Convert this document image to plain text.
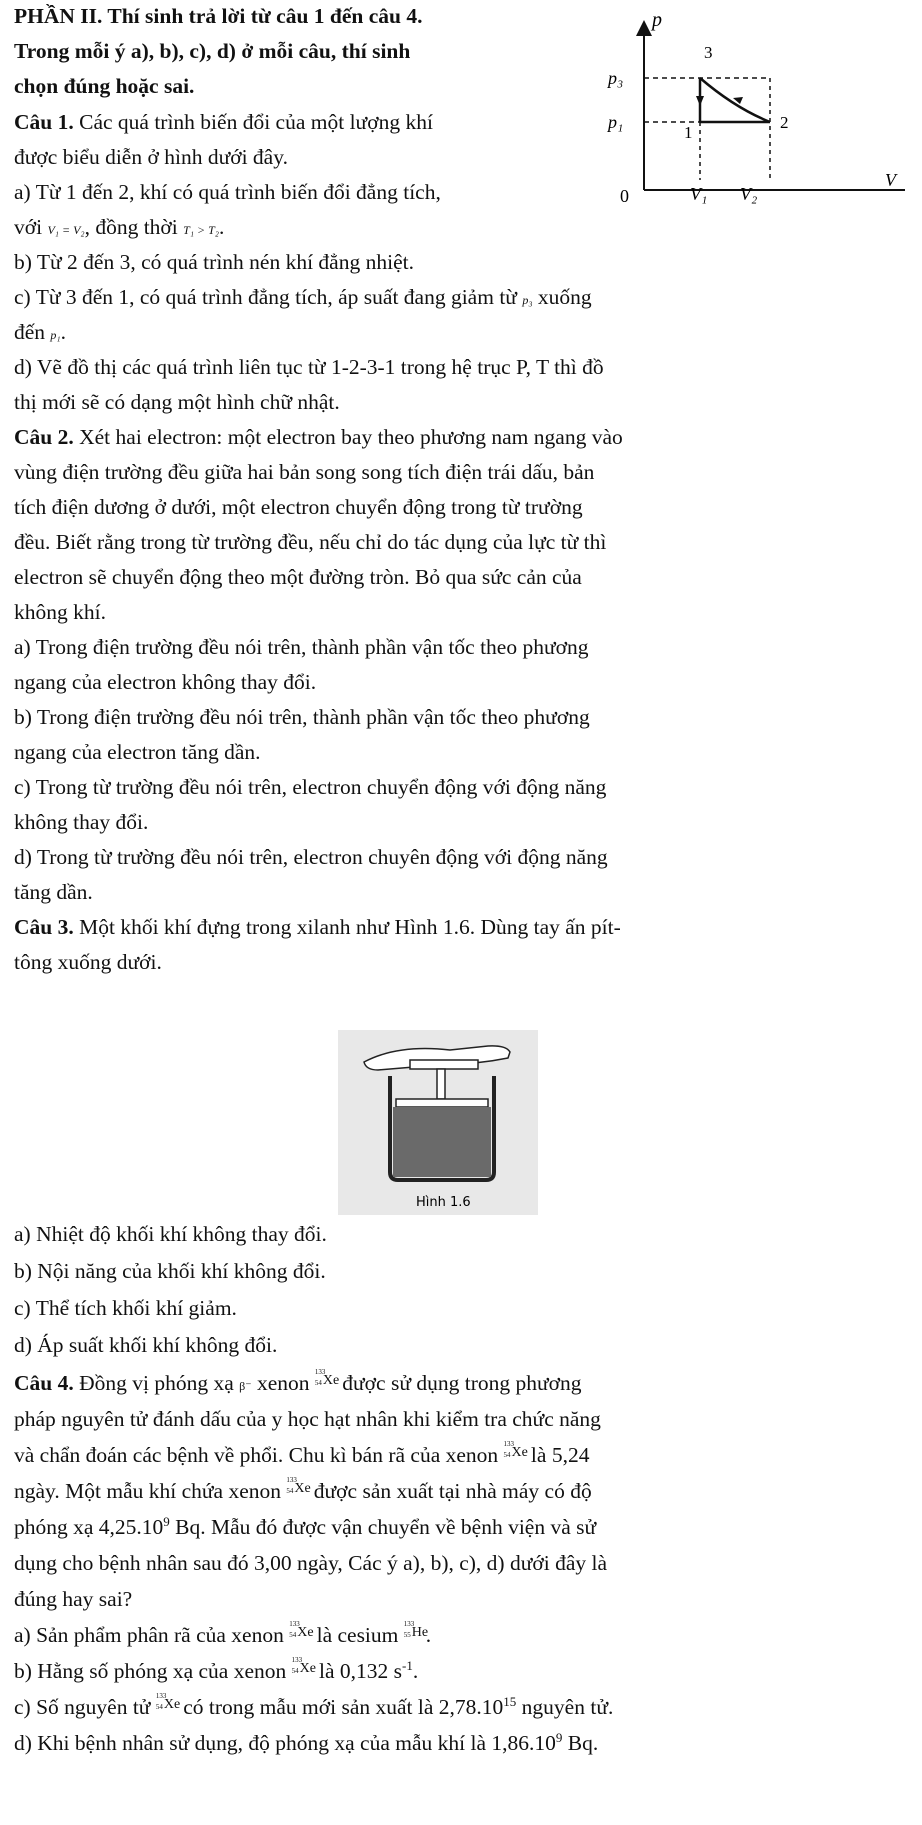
PHẦN II. Thí sinh trả lời từ câu 1 đến câu 4.
Trong mỗi ý a), b), c), d) ở mỗi câu, thí sinh
chọn đúng hoặc sai.
Câu 1. Các quá trình biến đổi của một lượng khí
được biểu diễn ở hình dưới đây.
a) Từ 1 đến 2, khí có quá trình biến đổi đẳng tích,
với V₁ = V₂, đồng thời T₁ > T₂.
b) Từ 2 đến 3, có quá trình nén khí đẳng nhiệt.
c) Từ 3 đến 1, có quá trình đẳng tích, áp suất đang giảm từ p₃ xuống
đến p₁.
d) Vẽ đồ thị các quá trình liên tục từ 1-2-3-1 trong hệ trục P, T thì đồ
thị mới sẽ có dạng một hình chữ nhật.
p
V
0
p₃
p₁
V₁ V₂
3
1
2
Câu 2. Xét hai electron: một electron bay theo phương nam ngang vào
vùng điện trường đều giữa hai bản song song tích điện trái dấu, bản
tích điện dương ở dưới, một electron chuyển động trong từ trường
đều. Biết rằng trong từ trường đều, nếu chỉ do tác dụng của lực từ thì
electron sẽ chuyển động theo một đường tròn. Bỏ qua sức cản của
không khí.
a) Trong điện trường đều nói trên, thành phần vận tốc theo phương
ngang của electron không thay đổi.
b) Trong điện trường đều nói trên, thành phần vận tốc theo phương
ngang của electron tăng dần.
c) Trong từ trường đều nói trên, electron chuyển động với động năng
không thay đổi.
d) Trong từ trường đều nói trên, electron chuyên động với động năng
tăng dần.
Câu 3. Một khối khí đựng trong xilanh như Hình 1.6. Dùng tay ấn pít-
tông xuống dưới.
Hình 1.6
a) Nhiệt độ khối khí không thay đổi.
b) Nội năng của khối khí không đổi.
c) Thể tích khối khí giảm.
d) Áp suất khối khí không đổi.
Câu 4. Đồng vị phóng xạ β⁻ xenon 133
54 Xe
được sử dụng trong phương
pháp nguyên tử đánh dấu của y học hạt nhân khi kiểm tra chức năng
và chẩn đoán các bệnh về phổi. Chu kì bán rã của xenon 133
54 Xe
là 5,24
ngày. Một mẫu khí chứa xenon 133
54 Xe
được sản xuất tại nhà máy có độ
phóng xạ 4,25.10$^9$ Bq. Mẫu đó được vận chuyển về bệnh viện và sử
dụng cho bệnh nhân sau đó 3,00 ngày, Các ý a), b), c), d) dưới đây là
đúng hay sai?
a) Sản phẩm phân rã của xenon 133
54 Xe
là cesium 133
55 He
.
b) Hằng số phóng xạ của xenon 133
54 Xe
là 0,132 $s^{-1}$.
c) Số nguyên tử 133
54 Xe
có trong mẫu mới sản xuất là 2,78.10$^{15}$ nguyên tử.
d) Khi bệnh nhân sử dụng, độ phóng xạ của mẫu khí là 1,86.10$^9$ Bq.
